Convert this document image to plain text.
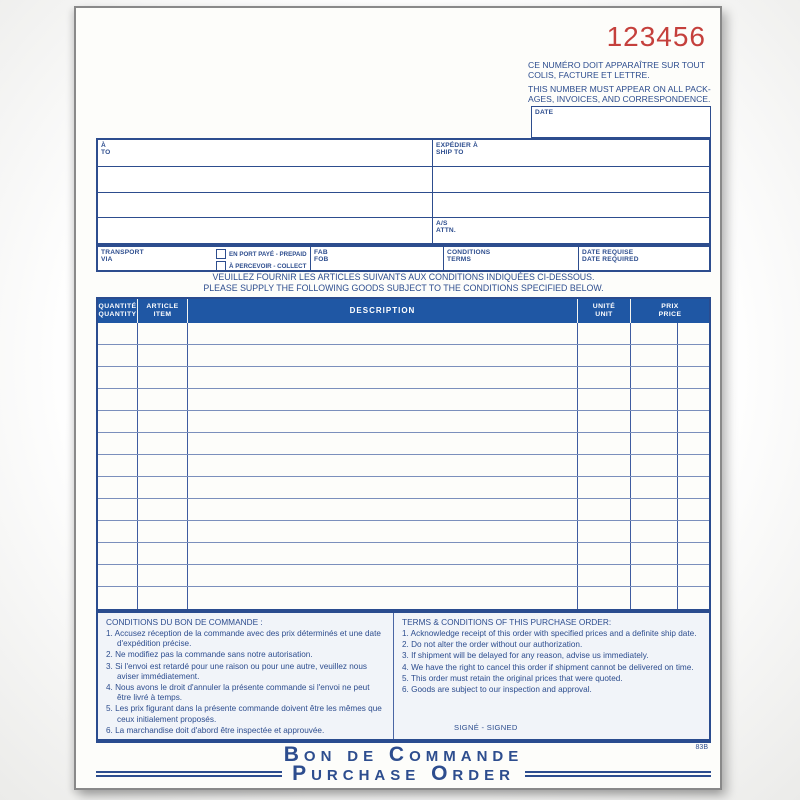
123456
CE NUMÉRO DOIT APPARAÎTRE SUR TOUT
COLIS, FACTURE ET LETTRE.
THIS NUMBER MUST APPEAR ON ALL PACK-
AGES, INVOICES, AND CORRESPONDENCE.
DATE
À
TO
EXPÉDIER À
SHIP TO
A/S
ATTN.
TRANSPORT
VIA
EN PORT PAYÉ - PREPAID
À PERCEVOIR - COLLECT
FAB
FOB
CONDITIONS
TERMS
DATE REQUISE
DATE REQUIRED
VEUILLEZ FOURNIR LES ARTICLES SUIVANTS AUX CONDITIONS INDIQUÉES CI-DESSOUS.
PLEASE SUPPLY THE FOLLOWING GOODS SUBJECT TO THE CONDITIONS SPECIFIED BELOW.
QUANTITÉ
QUANTITY
ARTICLE
ITEM	DESCRIPTION	UNITÉ
UNIT
PRIX
PRICE
CONDITIONS DU BON DE COMMANDE :
1. Accusez réception de la commande avec des prix déterminés et une date d'expédition précise.
2. Ne modifiez pas la commande sans notre autorisation.
3. Si l'envoi est retardé pour une raison ou pour une autre, veuillez nous aviser immédiatement.
4. Nous avons le droit d'annuler la présente commande si l'envoi ne peut être livré à temps.
5. Les prix figurant dans la présente commande doivent être les mêmes que ceux initialement proposés.
6. La marchandise doit d'abord être inspectée et approuvée.
TERMS & CONDITIONS OF THIS PURCHASE ORDER:
1. Acknowledge receipt of this order with specified prices and a definite ship date.
2. Do not alter the order without our authorization.
3. If shipment will be delayed for any reason, advise us immediately.
4. We have the right to cancel this order if shipment cannot be delivered on time.
5. This order must retain the original prices that were quoted.
6. Goods are subject to our inspection and approval.
SIGNÉ - SIGNED
83B
Bon de Commande
Purchase Order
